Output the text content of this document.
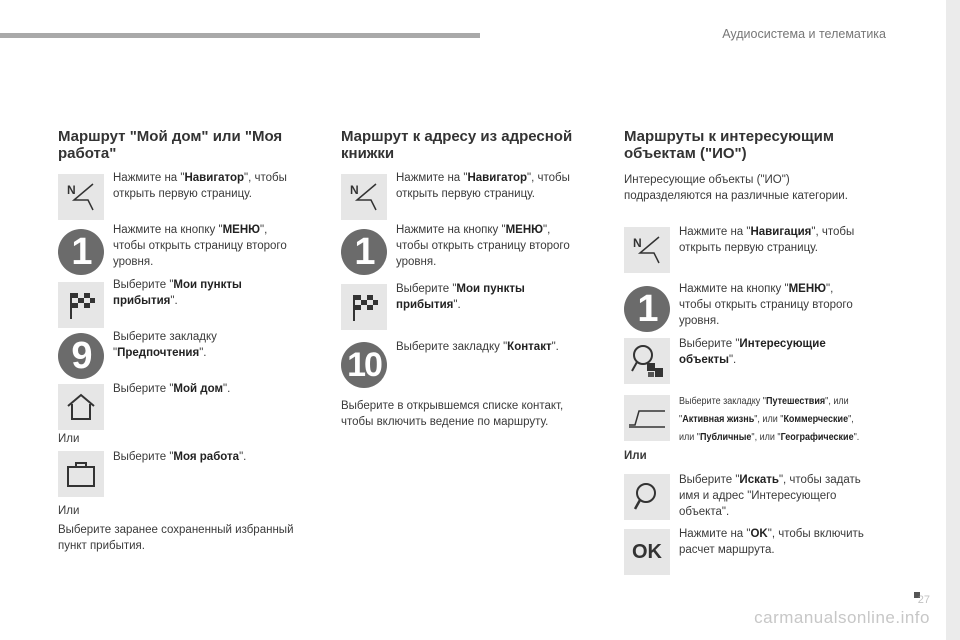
Аудиосистема и телематика
Маршрут "Мой дом" или "Моя
работа"
N
Нажмите на "Навигатор", чтобы
открыть первую страницу.
1
Нажмите на кнопку "МЕНЮ",
чтобы открыть страницу второго
уровня.
Выберите "Мои пункты
прибытия".
9	Выберите закладку
"Предпочтения".
Выберите "Мой дом".
Или
Выберите "Моя работа".
Или
Выберите заранее сохраненный избранный
пункт прибытия.
Маршрут к адресу из адресной
книжки
N
Нажмите на "Навигатор", чтобы
открыть первую страницу.
1
Нажмите на кнопку "МЕНЮ",
чтобы открыть страницу второго
уровня.
Выберите "Мои пункты
прибытия".
10	Выберите закладку "Контакт".
Выберите в открывшемся списке контакт,
чтобы включить ведение по маршруту.
Маршруты к интересующим
объектам ("ИО")
Интересующие объекты ("ИО")
подразделяются на различные категории.
N
Нажмите на "Навигация", чтобы
открыть первую страницу.
1	Нажмите на кнопку "МЕНЮ",
чтобы открыть страницу второго
уровня.
Выберите "Интересующие
объекты".
Выберите закладку "Путешествия", или
"Активная жизнь", или "Коммерческие",
или "Публичные", или "Географические".
Или
Выберите "Искать", чтобы задать
имя и адрес "Интересующего
объекта".
OK
Нажмите на "OK", чтобы включить
расчет маршрута.
carmanualsonline.info
27
